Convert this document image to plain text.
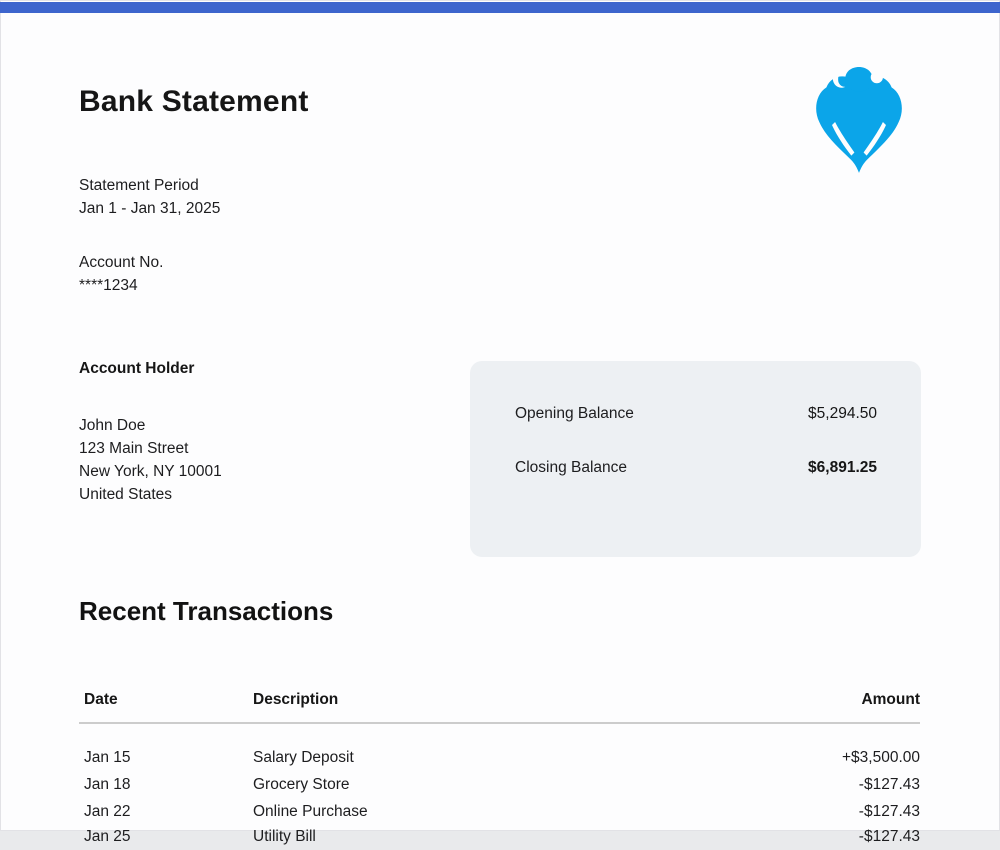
Bank Statement
Statement Period
Jan 1 - Jan 31, 2025
Account No.
****1234
Account Holder
John Doe
123 Main Street
New York, NY 10001
United States
Opening Balance	$5,294.50
Closing Balance	$6,891.25
Recent Transactions
Date	Description	Amount
Jan 15	Salary Deposit	+$3,500.00
Jan 18	Grocery Store	-$127.43
Jan 22	Online Purchase	-$127.43
Jan 25	Utility Bill	-$127.43
